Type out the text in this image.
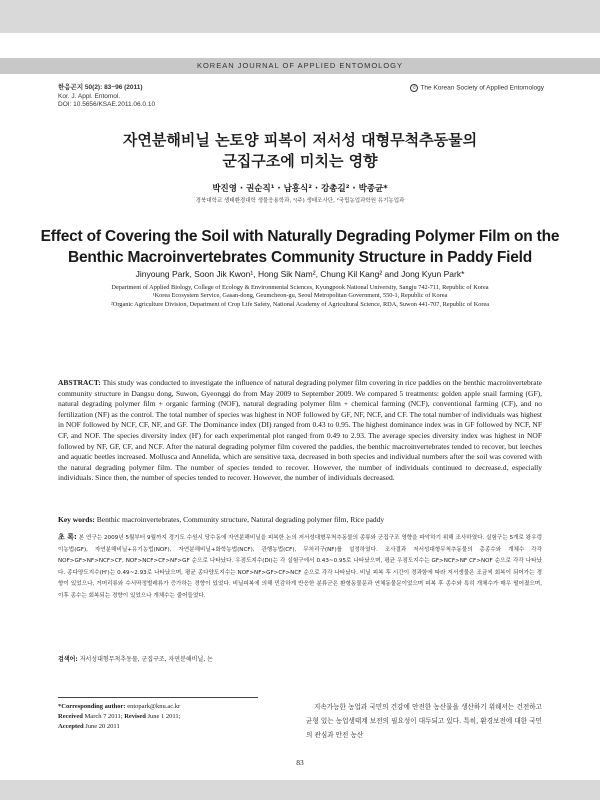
KOREAN JOURNAL OF APPLIED ENTOMOLOGY
한응곤지 50(2): 83~96 (2011)
Kor. J. Appl. Entomol.
DOI: 10.5656/KSAE.2011.06.0.10
© The Korean Society of Applied Entomology
자연분해비닐 논토양 피복이 저서성 대형무척추동물의
군집구조에 미치는 영향
박진영 · 권순직¹ · 남흥식² · 강총길² · 박종균*
경북대학교 생태환경대학 생물응용학과, ¹(주) 생태조사단, ²국립농업과학원 유기농업과
Effect of Covering the Soil with Naturally Degrading Polymer Film on the
Benthic Macroinvertebrates Community Structure in Paddy Field
Jinyoung Park, Soon Jik Kwon¹, Hong Sik Nam², Chung Kil Kang² and Jong Kyun Park*
Department of Applied Biology, College of Ecology & Environmental Sciences, Kyungpook National University, Sangju 742-711, Republic of Korea
¹Korea Ecosystem Service, Gasan-dong, Geumcheon-gu, Seoul Metropolitan Government, 550-1, Republic of Korea
²Organic Agriculture Division, Department of Crop Life Safety, National Academy of Agricultural Science, RDA, Suwon 441-707, Republic of Korea
ABSTRACT: This study was conducted to investigate the influence of natural degrading polymer film covering in rice paddies on the benthic macroinvertebrate community structure in Dangsu dong, Suwon, Gyeonggi do from May 2009 to September 2009. We compared 5 treatments: golden apple snail farming (GF), natural degrading polymer film + organic farming (NOF), natural degrading polymer film + chemical farming (NCF), conventional farming (CF), and no fertilization (NF) as the control. The total number of species was highest in NOF followed by GF, NF, NCF, and CF. The total number of individuals was highest in NOF followed by NCF, CF, NF, and GF. The Dominance index (DI) ranged from 0.43 to 0.95. The highest dominance index was in GF followed by NCF, NF CF, and NOF. The species diversity index (H') for each experimental plot ranged from 0.49 to 2.93. The average species diversity index was highest in NOF followed by NF, GF, CF, and NCF. After the natural degrading polymer film covered the paddies, the benthic macroinvertebrates tended to recover, but leeches and aquatic beetles increased. Mollusca and Annelida, which are sensitive taxa, decreased in both species and individual numbers after the soil was covered with the natural degrading polymer film. The number of species tended to recover. However, the number of individuals continued to decrease.d, especially individuals. Since then, the number of species tended to recover. However, the number of individuals decreased.
Key words: Benthic macroinvertebrates, Community structure, Natural degrading polymer film, Rice paddy
초 록: 본 연구는 2009년 5월부터 9월까지 경기도 수원시 당수동에 자연분해비닐을 피복한 논의 저서성대형무척추동물의 종류와 군집구조 영향을 파악하기 위해 조사하였다. 실험구는 5개로 왕우렁이농법(GF), 자연분해비닐+유기농법(NOF), 자연분해비닐+화학농법(NCF), 관행농법(CF), 무처리구(NF)를 설정하였다. 조사결과 저서성대형무척추동물의 총종수와 개체수 각각 NOF>GF>NF>NCF>CF, NOF>NCF>CF>NF>GF 순으로 나타났다. 우점도지수(DI)는 각 실험구에서 0.43~0.95로 나타났으며, 평균 우점도지수는 GF>NCF>NF CF>NOF 순으로 각각 나타났다. 종다양도지수(H')는 0.49~2.93로 나타났으며, 평균 종다양도지수는 NOF>NF>GF>CF>NCF 순으로 각각 나타났다. 비닐 피복 후 시간이 경과함에 따라 저서생물은 조금씩 회복이 되어가는 경향이 있었으나, 거머리류와 수서딱정벌레류가 증가하는 경향이 있었다. 비닐피복에 의해 민감하게 반응한 분류군은 환형동물문과 연체동물문이었으며 피복 후 종수와 특히 개체수가 매우 떨어졌으며, 이후 종수는 회복되는 경향이 있었으나 개체수는 줄어들었다.
검색어: 저서성대형무척추동물, 군집구조, 자연분해비닐, 논
*Corresponding author: entopark@knu.ac.kr
Received March 7 2011; Revised June 1 2011;
Accepted June 20 2011
지속가능한 농업과 국민의 건강에 안전한 농산물을 생산하기 위해서는 건전하고 균형 있는 농업생태계 보전의 필요성이 대두되고 있다. 특히, 환경보전에 대한 국민의 관심과 안전 농산
83
